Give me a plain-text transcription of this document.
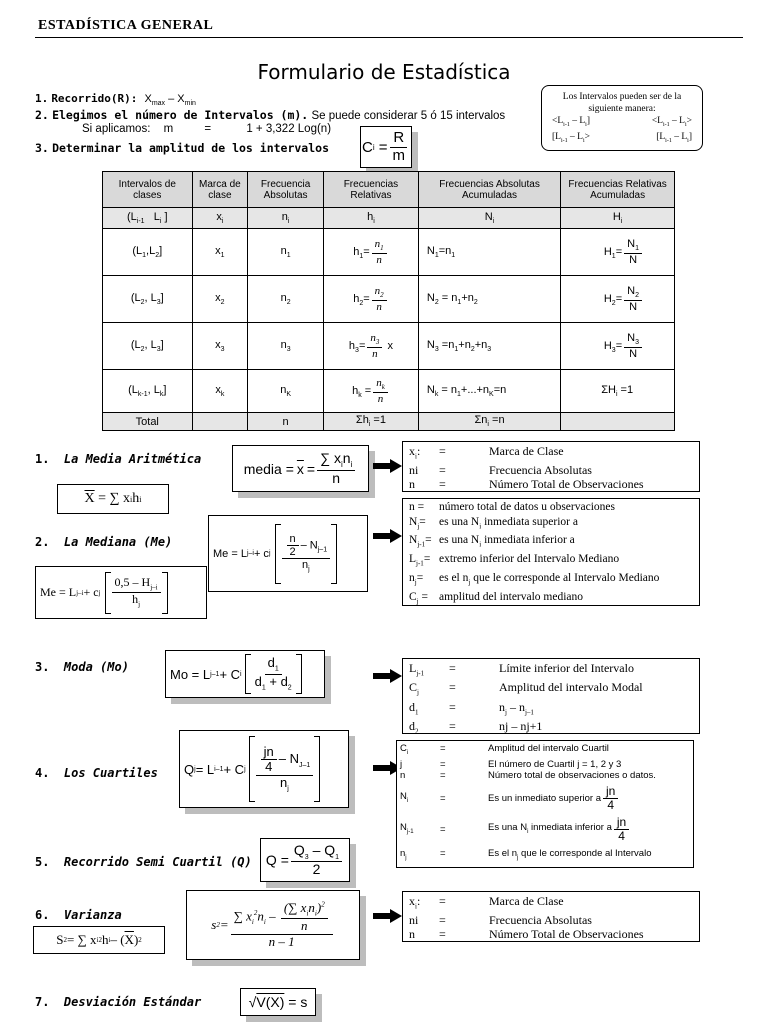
ESTADÍSTICA GENERAL
Formulario de Estadística
1. Recorrido(R): $X_{max} - X_{min}$
2. Elegimos el número de Intervalos (m). Se puede considerar 5 ó 15 intervalos
Si aplicamos: m	=	1 + 3,322 Log(n)
3. Determinar la amplitud de los intervalos C $i = \frac{R}{m}$
Los Intervalos pueden ser de la
siguiente manera:
$<L_{i-1} - L_i$]	$<L_{i-1} - L_i>$
[$L_{i-1} - L_i>$	$[L_{i-1} - L_i]$
Intervalos de clases	Marca de clase	Frecuencia Absolutas	Frecuencias Relativas	Frecuencias Absolutas Acumuladas	Frecuencias Relativas Acumuladas
($L_{i-1}$   $L_i$ ]	$x_i$	$n_i$	$h_i$	$N_i$	$H_i$
$(L_1,L_2]$	$x_1$	$n_1$	$h_1= \frac{n_1}{n}$	$N_1=n_1$	$H_1= \frac{N_1}{N}$

($L_2$, $L_3$]	$x_2$	$n_2$	$h_2= \frac{n_2}{n}$	$N_2 = n_1+n_2$	$H_2= \frac{N_2}{N}$

($L_2$, $L_3$]	$x_3$	$n_3$	$h_3= \frac{n_3}{n}$ x	$N_3 =n_1+n_2+n_3$	$H_3= \frac{N_3}{N}$

($L_{k-1}$, $L_k$]	$x_k$	$n_K$	$h_k = \frac{n_k}{n}$	$N_k = n_1+...+n_K=n$	$\Sigma H_i =1$
Total		n	$\Sigma h_i =1$	$\Sigma n_i =n$	
1. La Media Aritmética
media = $\overline{x} = \frac{\sum x_in_i}{n}$
$\overline{X}$ = ∑ x i h i
$x_i$:	=	Marca de Clase
ni	=	Frecuencia Absolutas
n	=	Número Total de Observaciones
2. La Mediana (Me)
Me = L j–i + c j $\frac{\frac{n}{2} - N_{j-1}}{n_j}$
Me = L j–i + c j $\frac{0,5 - H_{j-i}}{h_j}$
n =	número total de datos u observaciones
$N_j=$	es una $N_i$ inmediata superior a
$N_{j-1}=$ es una $N_i$ inmediata inferior a
$L_{j-1}=$ extremo inferior del Intervalo Mediano
$n_j=$	es el $n_j$ que le corresponde al Intervalo Mediano
$C_j$ = amplitud del intervalo mediano
3. Moda (Mo)	Mo = L j–1 + C i $\frac{d_1}{d_1 + d_2}$	$L_{j-1}$	=	Límite inferior del Intervalo
$C_j$	=	Amplitud del intervalo Modal
$d_1$	=	$n_j - n_{j-1}$
$d_2$	=	nj – nj+1
4. Los Cuartiles	Q j = L i–1 + C j $\frac{\frac{jn}{4} - N_{J-1}}{n_j}$	$C_i$	=	Amplitud del intervalo Cuartil
j	=	El número de Cuartil j = 1, 2 y 3
n	=	Número total de observaciones o datos.
$N_i$	=	Es un inmediato superior a $\frac{jn}{4}$
$N_{j-1}$	=	Es una $N_i$ inmediata inferior a $\frac{jn}{4}$
$n_j$	=	Es el $n_j$ que le corresponde al Intervalo
5. Recorrido Semi Cuartil (Q)	$Q = \frac{Q_3 - Q_1}{2}$
6. Varianza
S 2 = ∑ x i 2 h i – ( $\overline{X}$ ) 2
s $2 = \frac{\sum x_i^2n_i - \frac{(\sum x_in_i)^2}{n}}{n - 1}$
$x_i$:	=	Marca de Clase
ni	=	Frecuencia Absolutas
n	=	Número Total de Observaciones
7. Desviación Estándar	√ V(X) = s
